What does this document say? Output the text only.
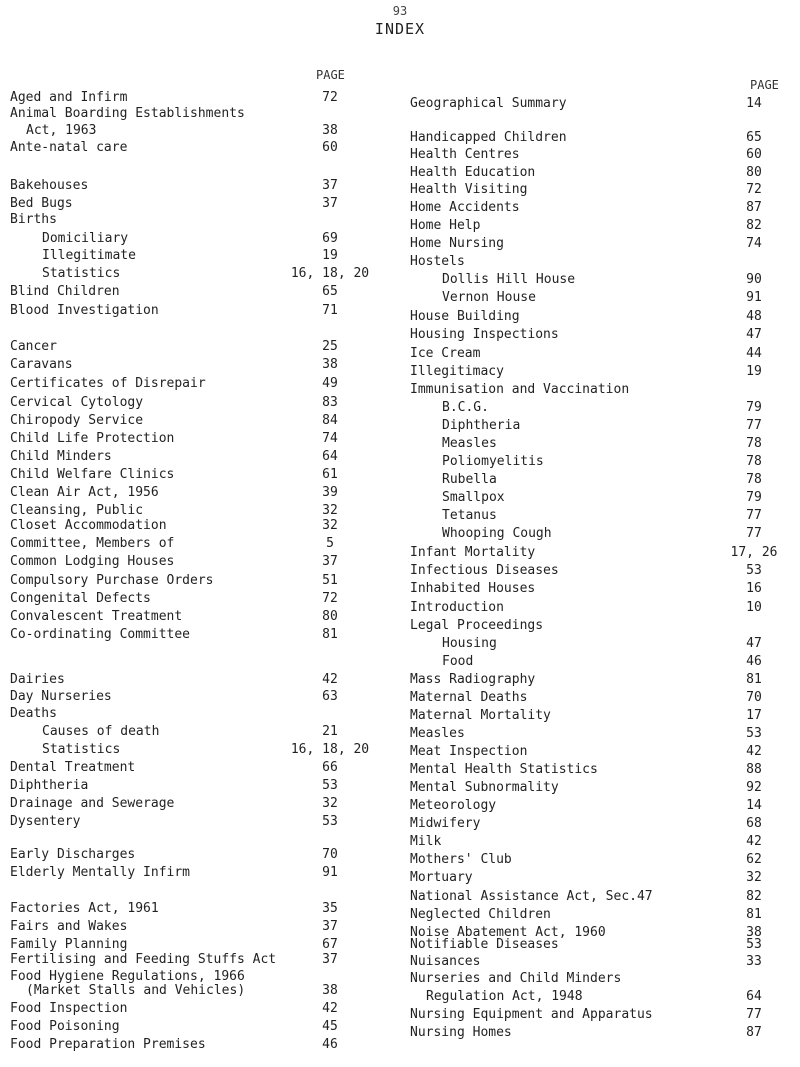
93
INDEX
PAGE
PAGE
Aged and Infirm	72
Animal Boarding Establishments
Act, 1963	38
Ante-natal care	60
Bakehouses	37
Bed Bugs	37
Births
Domiciliary	69
Illegitimate	19
Statistics	16, 18, 20
Blind Children	65
Blood Investigation	71
Cancer	25
Caravans	38
Certificates of Disrepair	49
Cervical Cytology	83
Chiropody Service	84
Child Life Protection	74
Child Minders	64
Child Welfare Clinics	61
Clean Air Act, 1956	39
Cleansing, Public	32
Closet Accommodation	32
Committee, Members of	5
Common Lodging Houses	37
Compulsory Purchase Orders	51
Congenital Defects	72
Convalescent Treatment	80
Co-ordinating Committee	81
Dairies	42
Day Nurseries	63
Deaths
Causes of death	21
Statistics	16, 18, 20
Dental Treatment	66
Diphtheria	53
Drainage and Sewerage	32
Dysentery	53
Early Discharges	70
Elderly Mentally Infirm	91
Factories Act, 1961	35
Fairs and Wakes	37
Family Planning	67
Fertilising and Feeding Stuffs Act	37
Food Hygiene Regulations, 1966
(Market Stalls and Vehicles)	38
Food Inspection	42
Food Poisoning	45
Food Preparation Premises	46
Geographical Summary	14
Handicapped Children	65
Health Centres	60
Health Education	80
Health Visiting	72
Home Accidents	87
Home Help	82
Home Nursing	74
Hostels
Dollis Hill House	90
Vernon House	91
House Building	48
Housing Inspections	47
Ice Cream	44
Illegitimacy	19
Immunisation and Vaccination
B.C.G.	79
Diphtheria	77
Measles	78
Poliomyelitis	78
Rubella	78
Smallpox	79
Tetanus	77
Whooping Cough	77
Infant Mortality	17, 26
Infectious Diseases	53
Inhabited Houses	16
Introduction	10
Legal Proceedings
Housing	47
Food	46
Mass Radiography	81
Maternal Deaths	70
Maternal Mortality	17
Measles	53
Meat Inspection	42
Mental Health Statistics	88
Mental Subnormality	92
Meteorology	14
Midwifery	68
Milk	42
Mothers' Club	62
Mortuary	32
National Assistance Act, Sec.47	82
Neglected Children	81
Noise Abatement Act, 1960	38
Notifiable Diseases	53
Nuisances	33
Nurseries and Child Minders
Regulation Act, 1948	64
Nursing Equipment and Apparatus	77
Nursing Homes	87
